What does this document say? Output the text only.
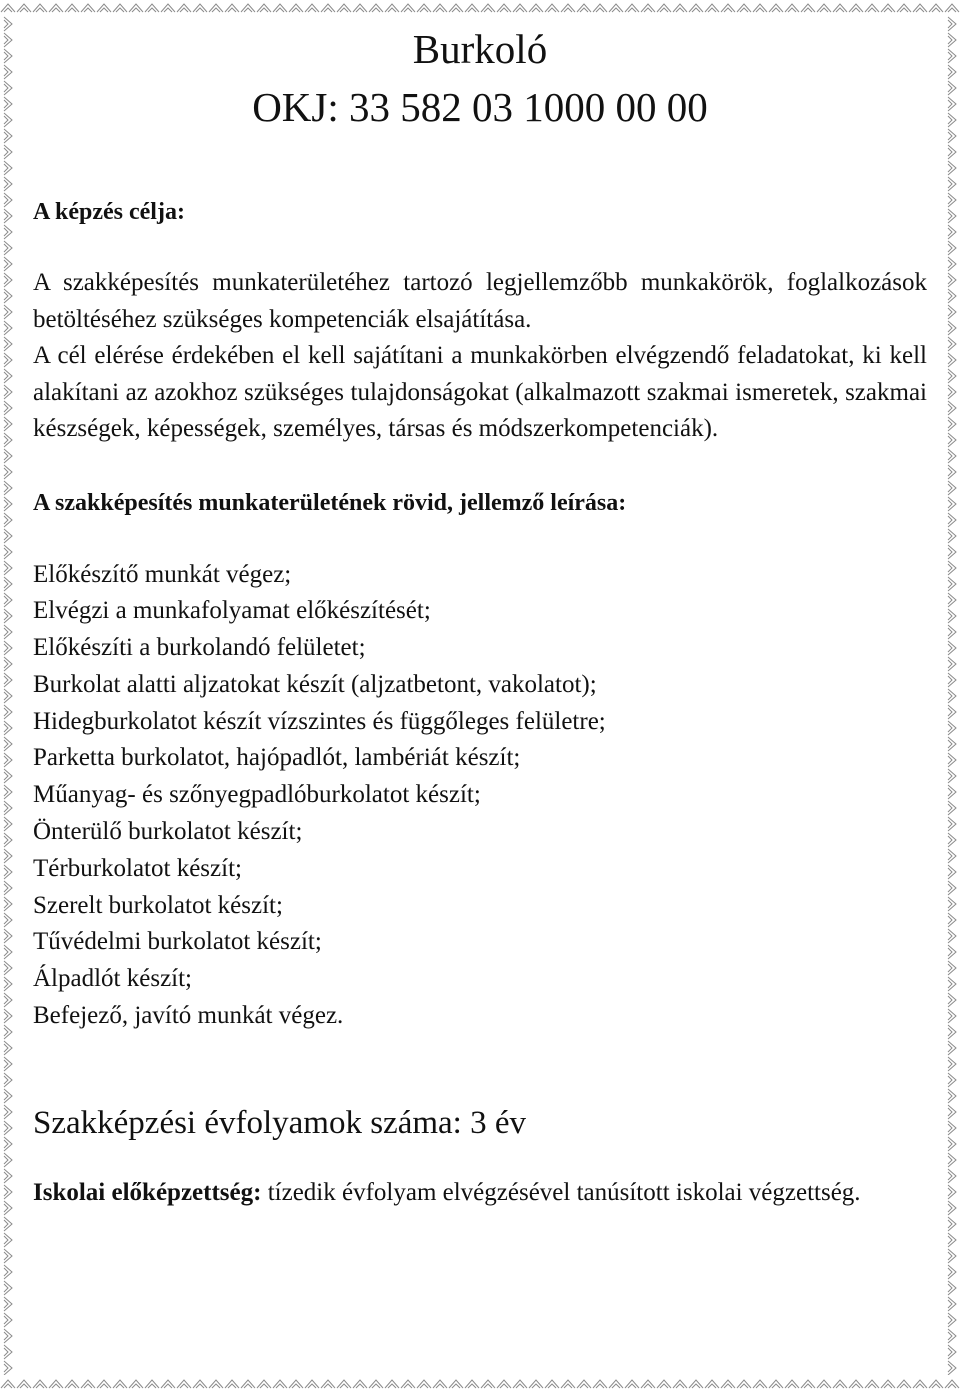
Burkoló
OKJ: 33 582 03 1000 00 00
A képzés célja:
A szakképesítés munkaterületéhez tartozó legjellemzőbb munkakörök, foglalkozások betöltéséhez szükséges kompetenciák elsajátítása.
A cél elérése érdekében el kell sajátítani a munkakörben elvégzendő feladatokat, ki kell alakítani az azokhoz szükséges tulajdonságokat (alkalmazott szakmai ismeretek, szakmai készségek, képességek, személyes, társas és módszerkompetenciák).
A szakképesítés munkaterületének rövid, jellemző leírása:
Előkészítő munkát végez;
Elvégzi a munkafolyamat előkészítését;
Előkészíti a burkolandó felületet;
Burkolat alatti aljzatokat készít (aljzatbetont, vakolatot);
Hidegburkolatot készít vízszintes és függőleges felületre;
Parketta burkolatot, hajópadlót, lambériát készít;
Műanyag- és szőnyegpadlóburkolatot készít;
Önterülő burkolatot készít;
Térburkolatot készít;
Szerelt burkolatot készít;
Tűvédelmi burkolatot készít;
Álpadlót készít;
Befejező, javító munkát végez.
Szakképzési évfolyamok száma: 3 év
Iskolai előképzettség: tízedik évfolyam elvégzésével tanúsított iskolai végzettség.
